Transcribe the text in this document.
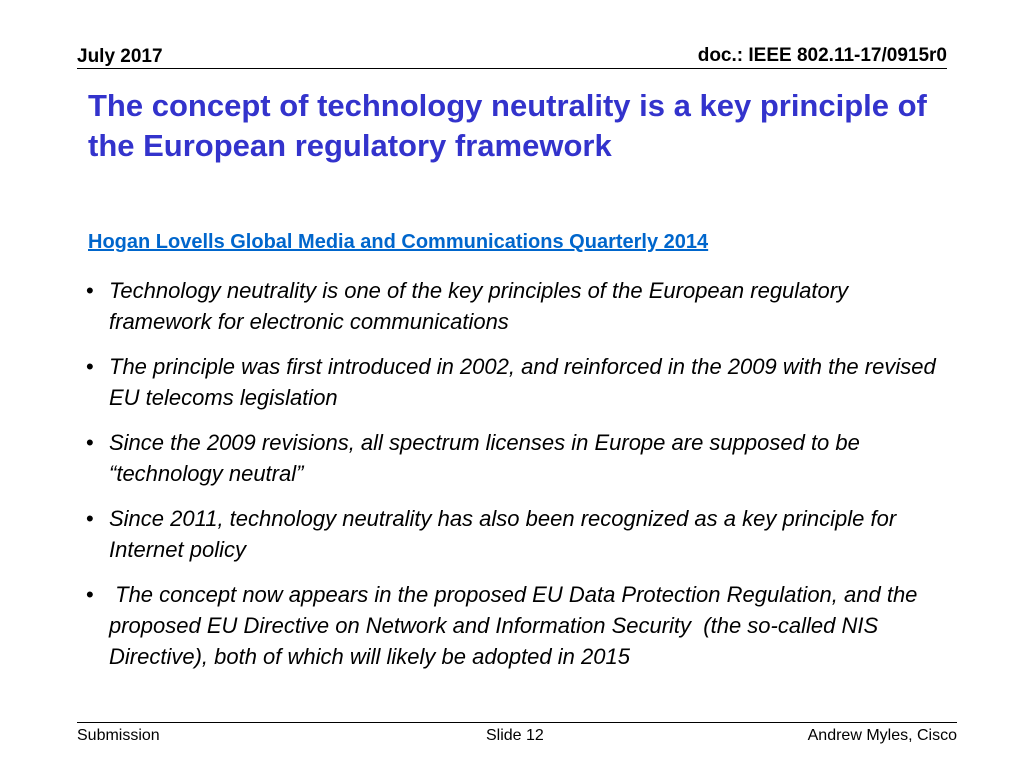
July 2017	doc.: IEEE 802.11-17/0915r0
The concept of technology neutrality is a key principle of the European regulatory framework
Hogan Lovells Global Media and Communications Quarterly 2014
• Technology neutrality is one of the key principles of the European regulatory framework for electronic communications
• The principle was first introduced in 2002, and reinforced in the 2009 with the revised EU telecoms legislation
• Since the 2009 revisions, all spectrum licenses in Europe are supposed to be “technology neutral”
• Since 2011, technology neutrality has also been recognized as a key principle for Internet policy
• The concept now appears in the proposed EU Data Protection Regulation, and the proposed EU Directive on Network and Information Security  (the so-called NIS Directive), both of which will likely be adopted in 2015
Submission	Slide 12	Andrew Myles, Cisco
